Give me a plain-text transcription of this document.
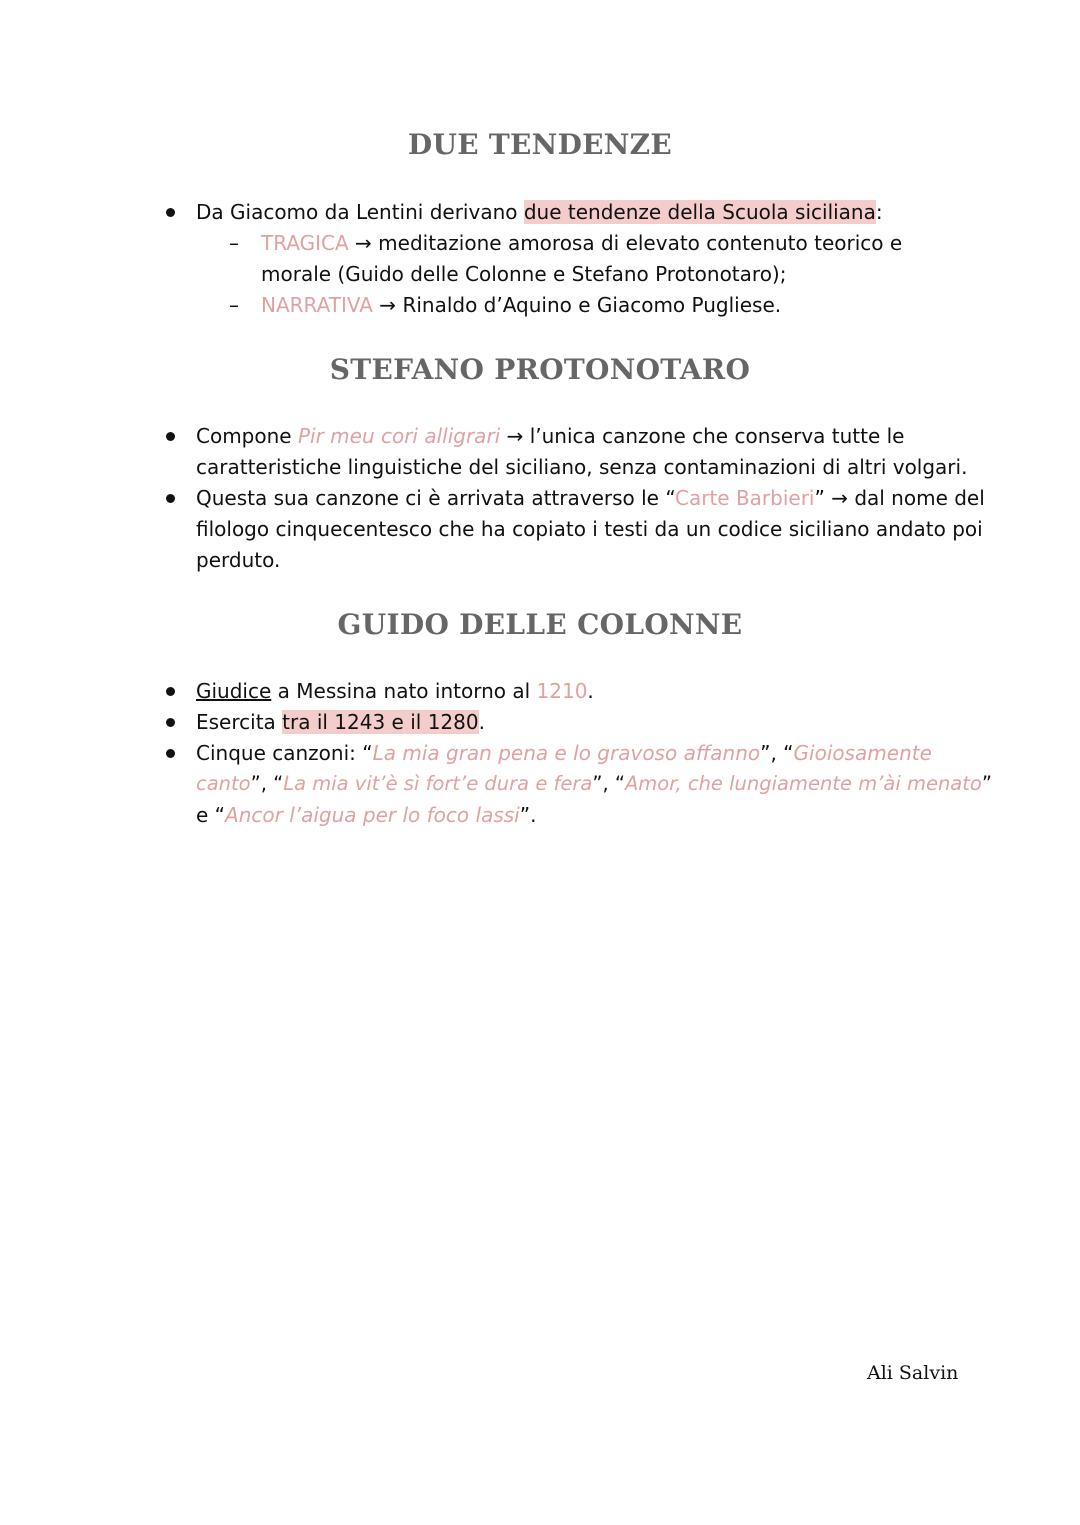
DUE TENDENZE
Da Giacomo da Lentini derivano due tendenze della Scuola siciliana:
– TRAGICA → meditazione amorosa di elevato contenuto teorico e
morale (Guido delle Colonne e Stefano Protonotaro);
– NARRATIVA → Rinaldo d’Aquino e Giacomo Pugliese.
STEFANO PROTONOTARO
Compone Pir meu cori alligrari → l’unica canzone che conserva tutte le
caratteristiche linguistiche del siciliano, senza contaminazioni di altri volgari.
Questa sua canzone ci è arrivata attraverso le “Carte Barbieri” → dal nome del
filologo cinquecentesco che ha copiato i testi da un codice siciliano andato poi
perduto.
GUIDO DELLE COLONNE
Giudice a Messina nato intorno al 1210.
Esercita tra il 1243 e il 1280.
Cinque canzoni: “La mia gran pena e lo gravoso affanno”, “Gioiosamente
canto”, “La mia vit’è sì fort’e dura e fera”, “Amor, che lungiamente m’ài menato”
e “Ancor l’aigua per lo foco lassi”.
Ali Salvin
